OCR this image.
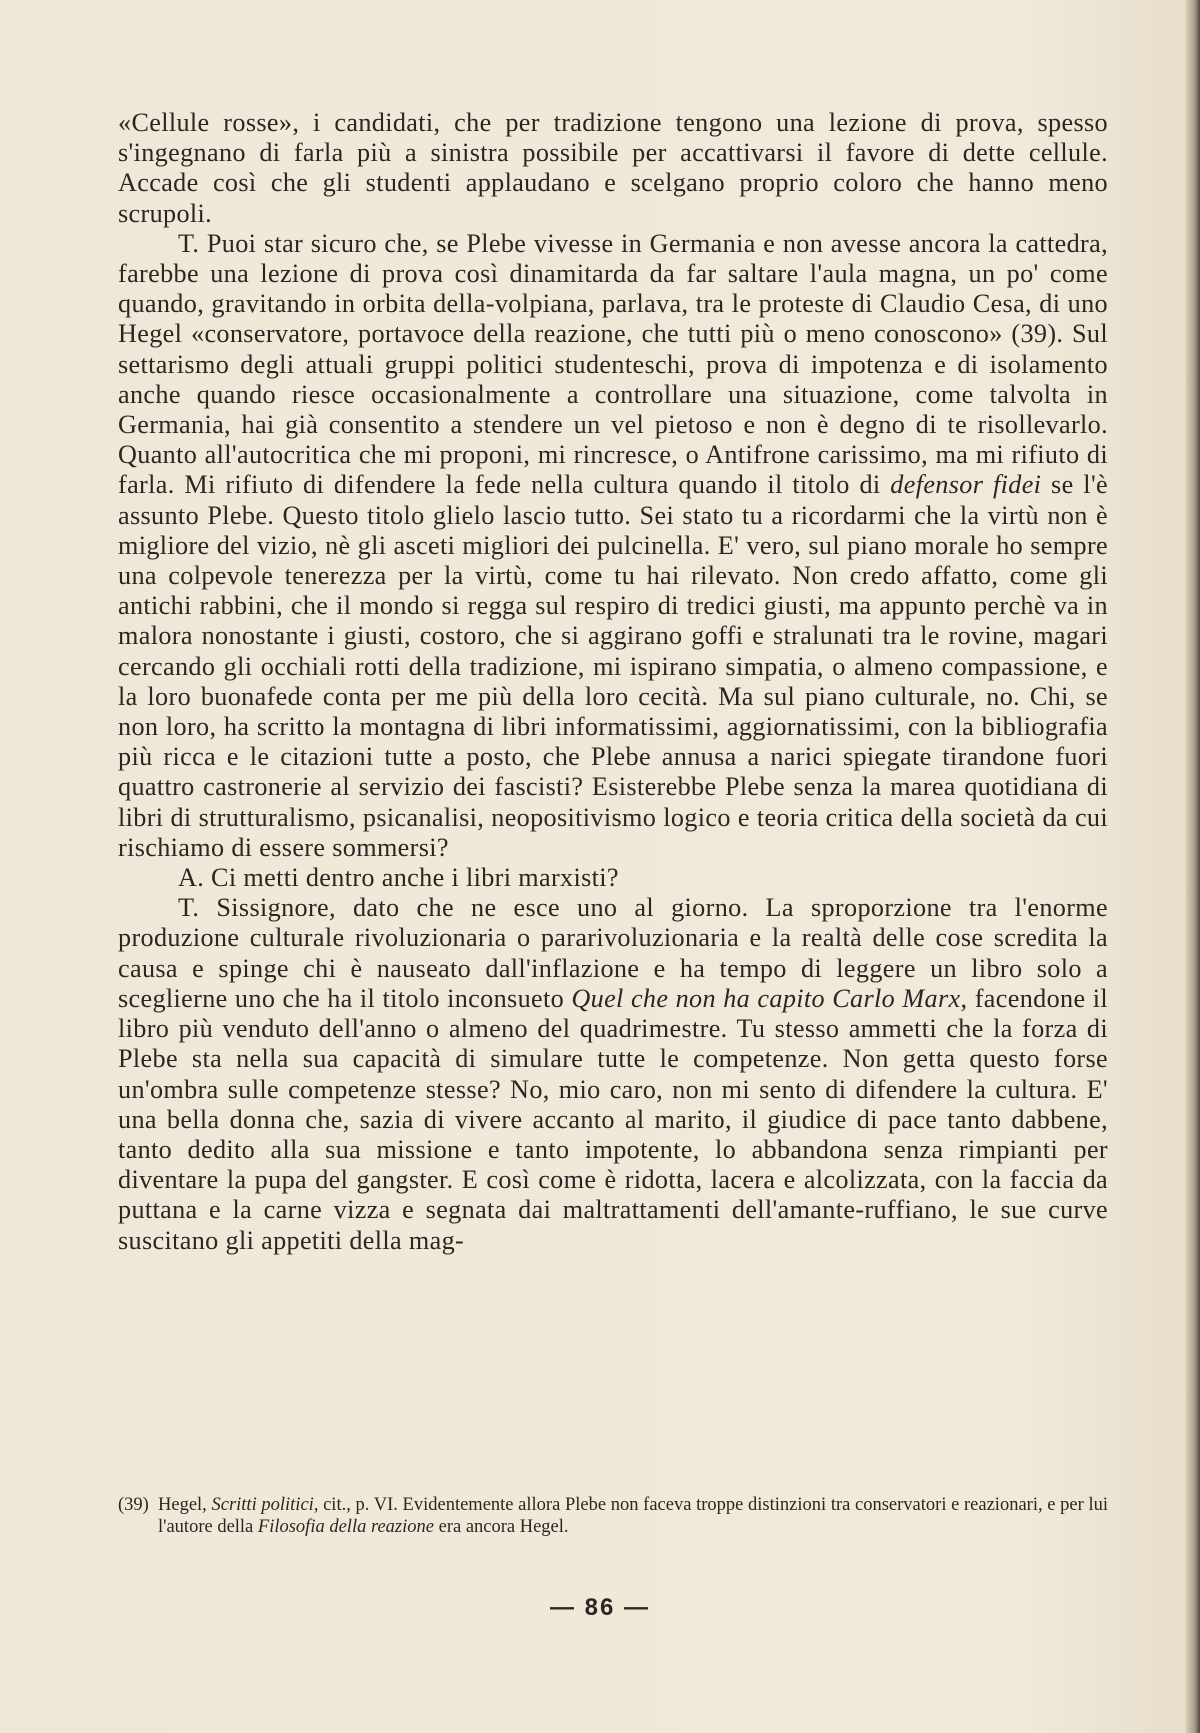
«Cellule rosse», i candidati, che per tradizione tengono una lezione di prova, spesso s'ingegnano di farla più a sinistra possibile per accattivarsi il favore di dette cellule. Accade così che gli studenti applaudano e scelgano proprio coloro che hanno meno scrupoli.

T. Puoi star sicuro che, se Plebe vivesse in Germania e non avesse ancora la cattedra, farebbe una lezione di prova così dinamitarda da far saltare l'aula magna, un po' come quando, gravitando in orbita della-volpiana, parlava, tra le proteste di Claudio Cesa, di uno Hegel «conservatore, portavoce della reazione, che tutti più o meno conoscono» (39). Sul settarismo degli attuali gruppi politici studenteschi, prova di impotenza e di isolamento anche quando riesce occasionalmente a controllare una situazione, come talvolta in Germania, hai già consentito a stendere un vel pietoso e non è degno di te risollevarlo. Quanto all'autocritica che mi proponi, mi rincresce, o Antifrone carissimo, ma mi rifiuto di farla. Mi rifiuto di difendere la fede nella cultura quando il titolo di defensor fidei se l'è assunto Plebe. Questo titolo glielo lascio tutto. Sei stato tu a ricordarmi che la virtù non è migliore del vizio, nè gli asceti migliori dei pulcinella. E' vero, sul piano morale ho sempre una colpevole tenerezza per la virtù, come tu hai rilevato. Non credo affatto, come gli antichi rabbini, che il mondo si regga sul respiro di tredici giusti, ma appunto perchè va in malora nonostante i giusti, costoro, che si aggirano goffi e stralunati tra le rovine, magari cercando gli occhiali rotti della tradizione, mi ispirano simpatia, o almeno compassione, e la loro buonafede conta per me più della loro cecità. Ma sul piano culturale, no. Chi, se non loro, ha scritto la montagna di libri informatissimi, aggiornatissimi, con la bibliografia più ricca e le citazioni tutte a posto, che Plebe annusa a narici spiegate tirandone fuori quattro castronerie al servizio dei fascisti? Esisterebbe Plebe senza la marea quotidiana di libri di strutturalismo, psicanalisi, neopositivismo logico e teoria critica della società da cui rischiamo di essere sommersi?

A. Ci metti dentro anche i libri marxisti?

T. Sissignore, dato che ne esce uno al giorno. La sproporzione tra l'enorme produzione culturale rivoluzionaria o pararivoluzionaria e la realtà delle cose scredita la causa e spinge chi è nauseato dall'inflazione e ha tempo di leggere un libro solo a sceglierne uno che ha il titolo inconsueto Quel che non ha capito Carlo Marx, facendone il libro più venduto dell'anno o almeno del quadrimestre. Tu stesso ammetti che la forza di Plebe sta nella sua capacità di simulare tutte le competenze. Non getta questo forse un'ombra sulle competenze stesse? No, mio caro, non mi sento di difendere la cultura. E' una bella donna che, sazia di vivere accanto al marito, il giudice di pace tanto dabbene, tanto dedito alla sua missione e tanto impotente, lo abbandona senza rimpianti per diventare la pupa del gangster. E così come è ridotta, lacera e alcolizzata, con la faccia da puttana e la carne vizza e segnata dai maltrattamenti dell'amante-ruffiano, le sue curve suscitano gli appetiti della mag-

(39) Hegel, Scritti politici, cit., p. VI. Evidentemente allora Plebe non faceva troppe distinzioni tra conservatori e reazionari, e per lui l'autore della Filosofia della reazione era ancora Hegel.

— 86 —
